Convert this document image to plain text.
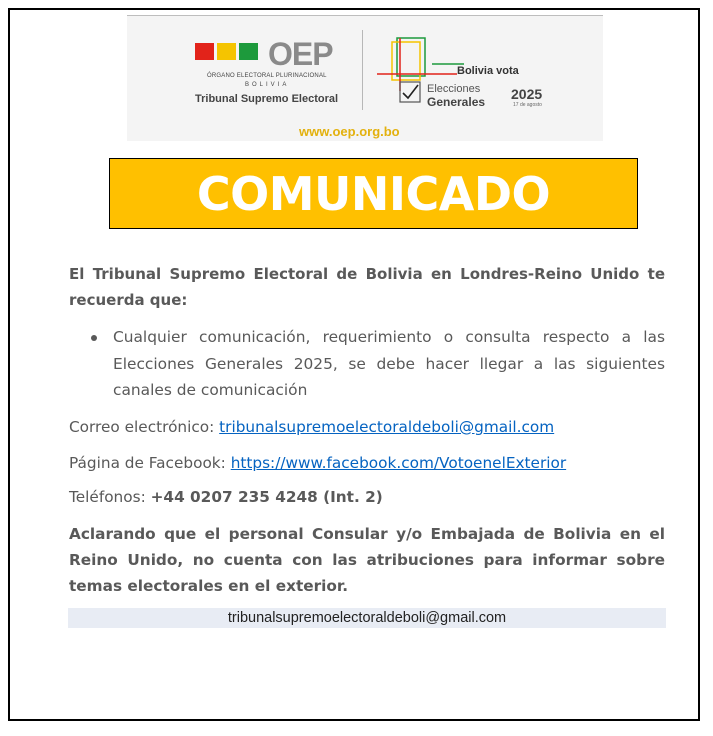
OEP
ÓRGANO ELECTORAL PLURINACIONAL
BOLIVIA
Tribunal Supremo Electoral
Bolivia vota
Elecciones
Generales 2025
17 de agosto
www.oep.org.bo
COMUNICADO
El Tribunal Supremo Electoral de Bolivia en Londres-Reino Unido te recuerda que:

Cualquier comunicación, requerimiento o consulta respecto a las Elecciones Generales 2025, se debe hacer llegar a las siguientes canales de comunicación

Correo electrónico: tribunalsupremoelectoraldeboli@gmail.com
Página de Facebook: https://www.facebook.com/VotoenelExterior
Teléfonos: +44 0207 235 4248 (Int. 2)
Aclarando que el personal Consular y/o Embajada de Bolivia en el Reino Unido, no cuenta con las atribuciones para informar sobre temas electorales en el exterior.
tribunalsupremoelectoraldeboli@gmail.com
